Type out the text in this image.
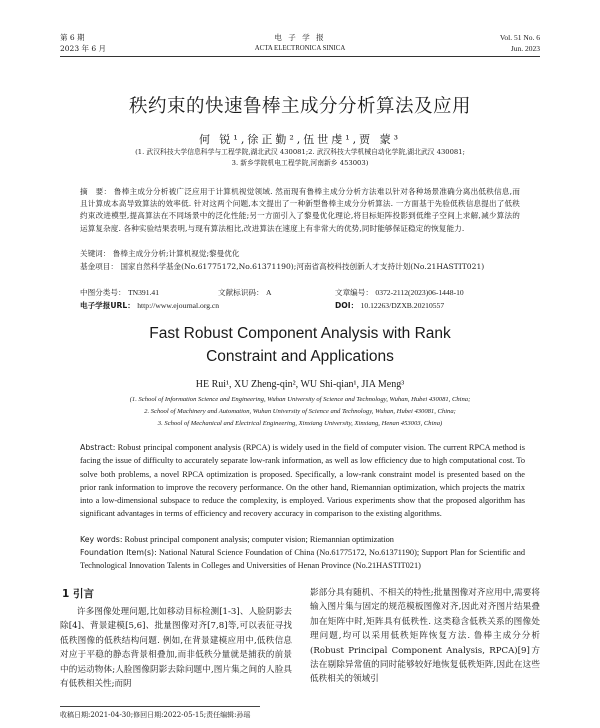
第 6 期
2023 年 6 月
电 子 学 报
ACTA ELECTRONICA SINICA
Vol. 51 No. 6
Jun. 2023
秩约束的快速鲁棒主成分分析算法及应用
何 锐¹,徐正勤²,伍世虔¹,贾 蒙³
(1. 武汉科技大学信息科学与工程学院,湖北武汉 430081;2. 武汉科技大学机械自动化学院,湖北武汉 430081;
3. 新乡学院机电工程学院,河南新乡 453003)
摘　要： 鲁棒主成分分析被广泛应用于计算机视觉领域. 然而现有鲁棒主成分分析方法难以针对各种场景准确分离出低秩信息,而且计算成本高导致算法的效率低. 针对这两个问题,本文提出了一种新型鲁棒主成分分析算法. 一方面基于先验低秩信息提出了低秩约束改进模型,提高算法在不同场景中的泛化性能;另一方面引入了黎曼优化理论,将目标矩阵投影到低维子空间上求解,减少算法的运算复杂度. 各种实验结果表明,与现有算法相比,改进算法在速度上有非常大的优势,同时能够保证稳定的恢复能力.
关键词： 鲁棒主成分分析;计算机视觉;黎曼优化
基金项目： 国家自然科学基金(No.61775172,No.61371190);河南省高校科技创新人才支持计划(No.21HASTIT021)
中图分类号： TN391.41	文献标识码： A	文章编号： 0372-2112(2023)06-1448-10
电子学报URL： http://www.ejournal.org.cn	DOI： 10.12263/DZXB.20210557
Fast Robust Component Analysis with Rank
Constraint and Applications
HE Rui¹, XU Zheng-qin², WU Shi-qian¹, JIA Meng³
(1. School of Information Science and Engineering, Wuhan University of Science and Technology, Wuhan, Hubei 430081, China;
2. School of Machinery and Automation, Wuhan University of Science and Technology, Wuhan, Hubei 430081, China;
3. School of Mechanical and Electrical Engineering, Xinxiang University, Xinxiang, Henan 453003, China)
Abstract: Robust principal component analysis (RPCA) is widely used in the field of computer vision. The current RPCA method is facing the issue of difficulty to accurately separate low-rank information, as well as low efficiency due to high computational cost. To solve both problems, a novel RPCA optimization is proposed. Specifically, a low-rank constraint model is presented based on the prior rank information to improve the recovery performance. On the other hand, Riemannian optimization, which projects the matrix into a low-dimensional subspace to reduce the complexity, is employed. Various experiments show that the proposed algorithm has significant advantages in terms of efficiency and recovery accuracy in comparison to the existing algorithms.
Key words: Robust principal component analysis; computer vision; Riemannian optimization
Foundation Item(s): National Natural Science Foundation of China (No.61775172, No.61371190); Support Plan for Scientific and Technological Innovation Talents in Colleges and Universities of Henan Province (No.21HASTIT021)
1 引言
许多图像处理问题,比如移动目标检测[1-3]、人脸阴影去除[4]、背景建模[5,6]、批量图像对齐[7,8]等,可以表征寻找低秩图像的低秩结构问题. 例如,在背景建模应用中,低秩信息对应于平稳的静态背景相叠加,而非低秩分量就是捕获的前景中的运动物体;人脸图像阴影去除问题中,图片集之间的人脸具有低秩相关性;而阴
影部分具有随机、不相关的特性;批量图像对齐应用中,需要将输入图片集与固定的规范模板图像对齐,因此对齐图片结果叠加在矩阵中时,矩阵具有低秩性. 这类稳含低秩关系的图像处理问题,均可以采用低秩矩阵恢复方法. 鲁棒主成分分析(Robust Principal Component Analysis, RPCA)[9]方法在剔除异常值的同时能够较好地恢复低秩矩阵,因此在这些低秩相关的领域引
收稿日期:2021-04-30;修回日期:2022-05-15;责任编辑:孙瑶
